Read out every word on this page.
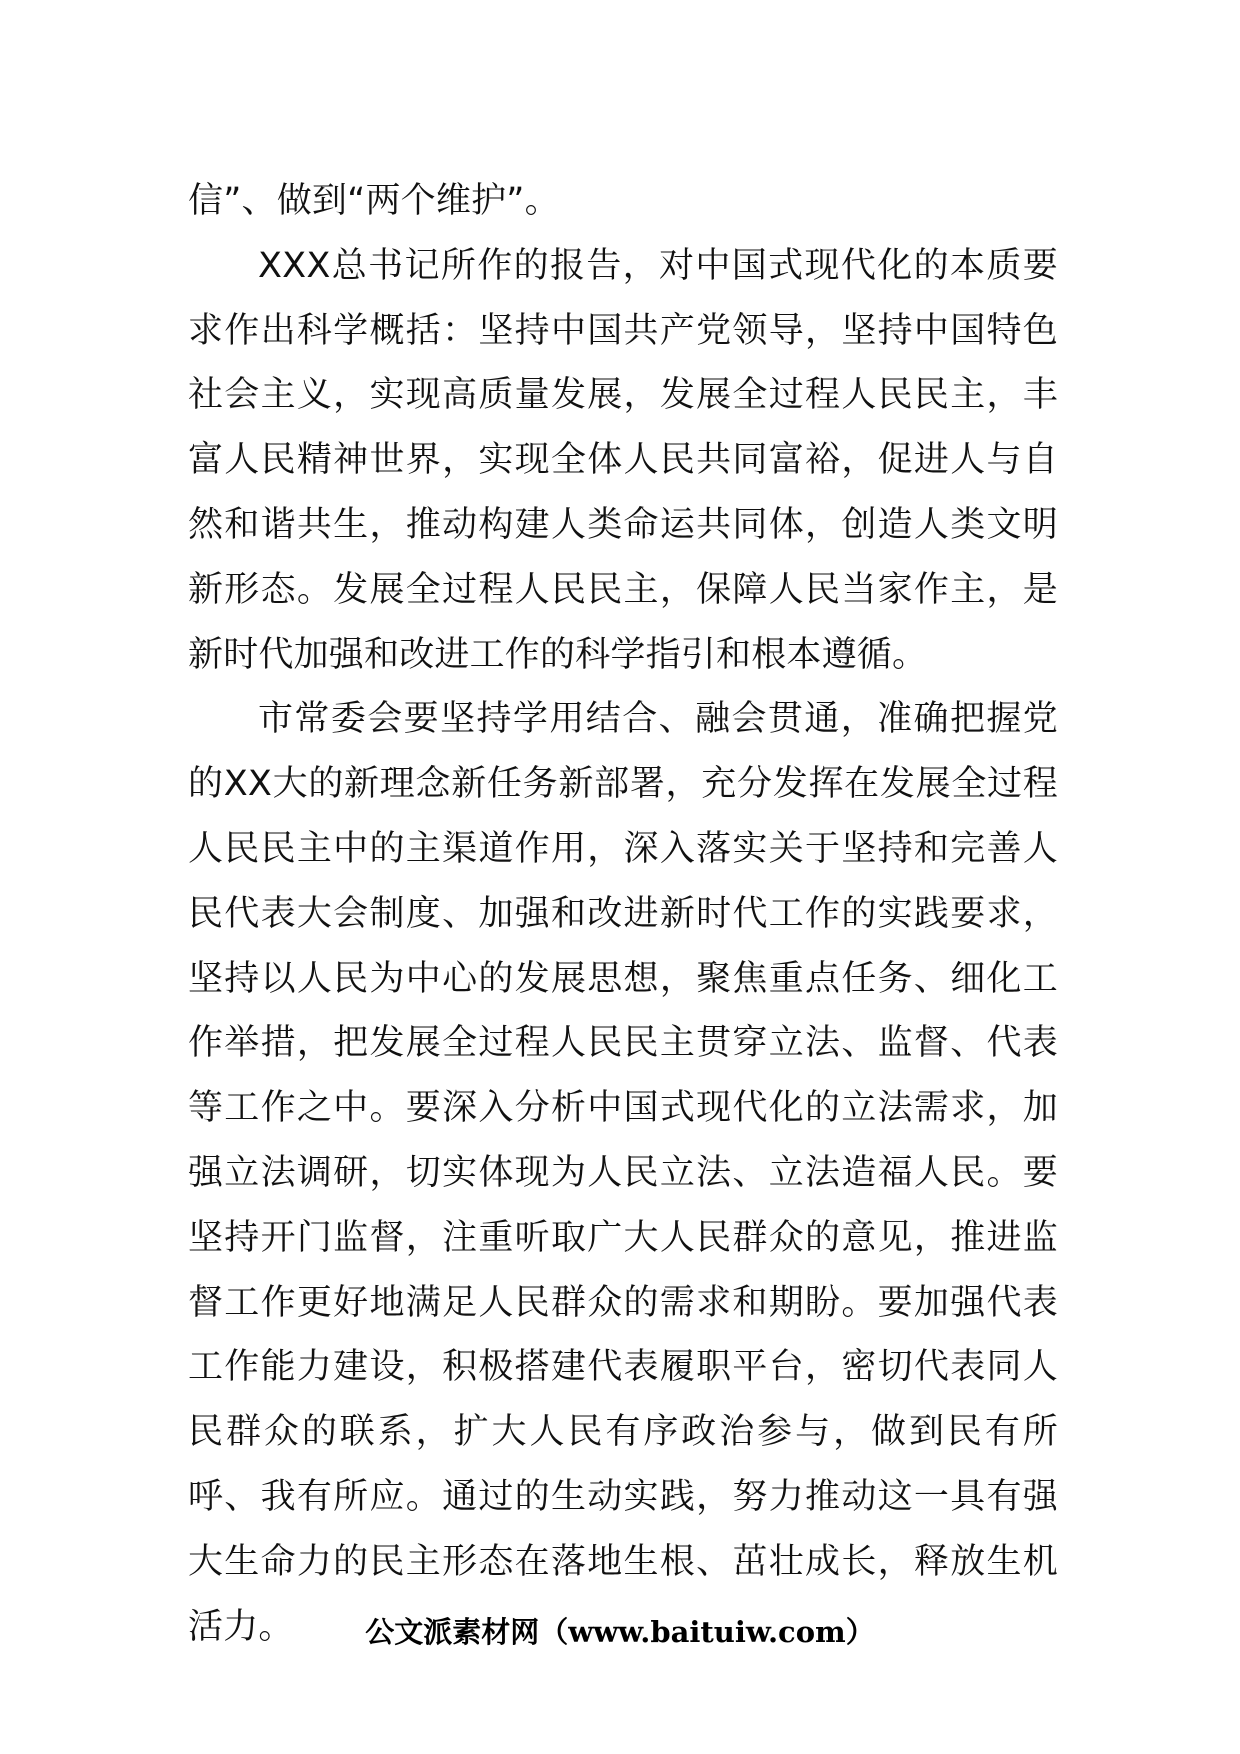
信”、做到“两个维护”。

XXX总书记所作的报告，对中国式现代化的本质要求作出科学概括：坚持中国共产党领导，坚持中国特色社会主义，实现高质量发展，发展全过程人民民主，丰富人民精神世界，实现全体人民共同富裕，促进人与自然和谐共生，推动构建人类命运共同体，创造人类文明新形态。发展全过程人民民主，保障人民当家作主，是新时代加强和改进工作的科学指引和根本遵循。

市常委会要坚持学用结合、融会贯通，准确把握党的XX大的新理念新任务新部署，充分发挥在发展全过程人民民主中的主渠道作用，深入落实关于坚持和完善人民代表大会制度、加强和改进新时代工作的实践要求，坚持以人民为中心的发展思想，聚焦重点任务、细化工作举措，把发展全过程人民民主贯穿立法、监督、代表等工作之中。要深入分析中国式现代化的立法需求，加强立法调研，切实体现为人民立法、立法造福人民。要坚持开门监督，注重听取广大人民群众的意见，推进监督工作更好地满足人民群众的需求和期盼。要加强代表工作能力建设，积极搭建代表履职平台，密切代表同人民群众的联系，扩大人民有序政治参与，做到民有所呼、我有所应。通过的生动实践，努力推动这一具有强大生命力的民主形态在落地生根、茁壮成长，释放生机活力。	公文派素材网（www.baituiw.com）
